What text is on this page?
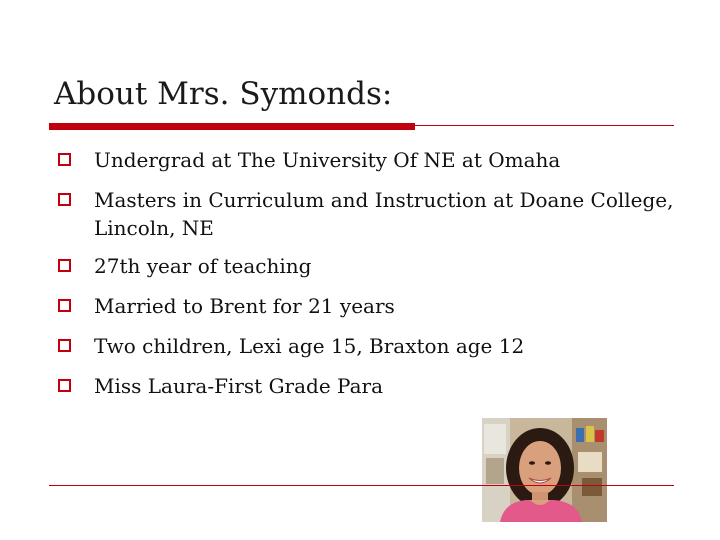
About Mrs. Symonds:
Undergrad at The University Of NE at Omaha
Masters in Curriculum and Instruction at Doane College, Lincoln, NE
27th year of teaching
Married to Brent for 21 years
Two children, Lexi age 15, Braxton age 12
Miss Laura-First Grade Para
